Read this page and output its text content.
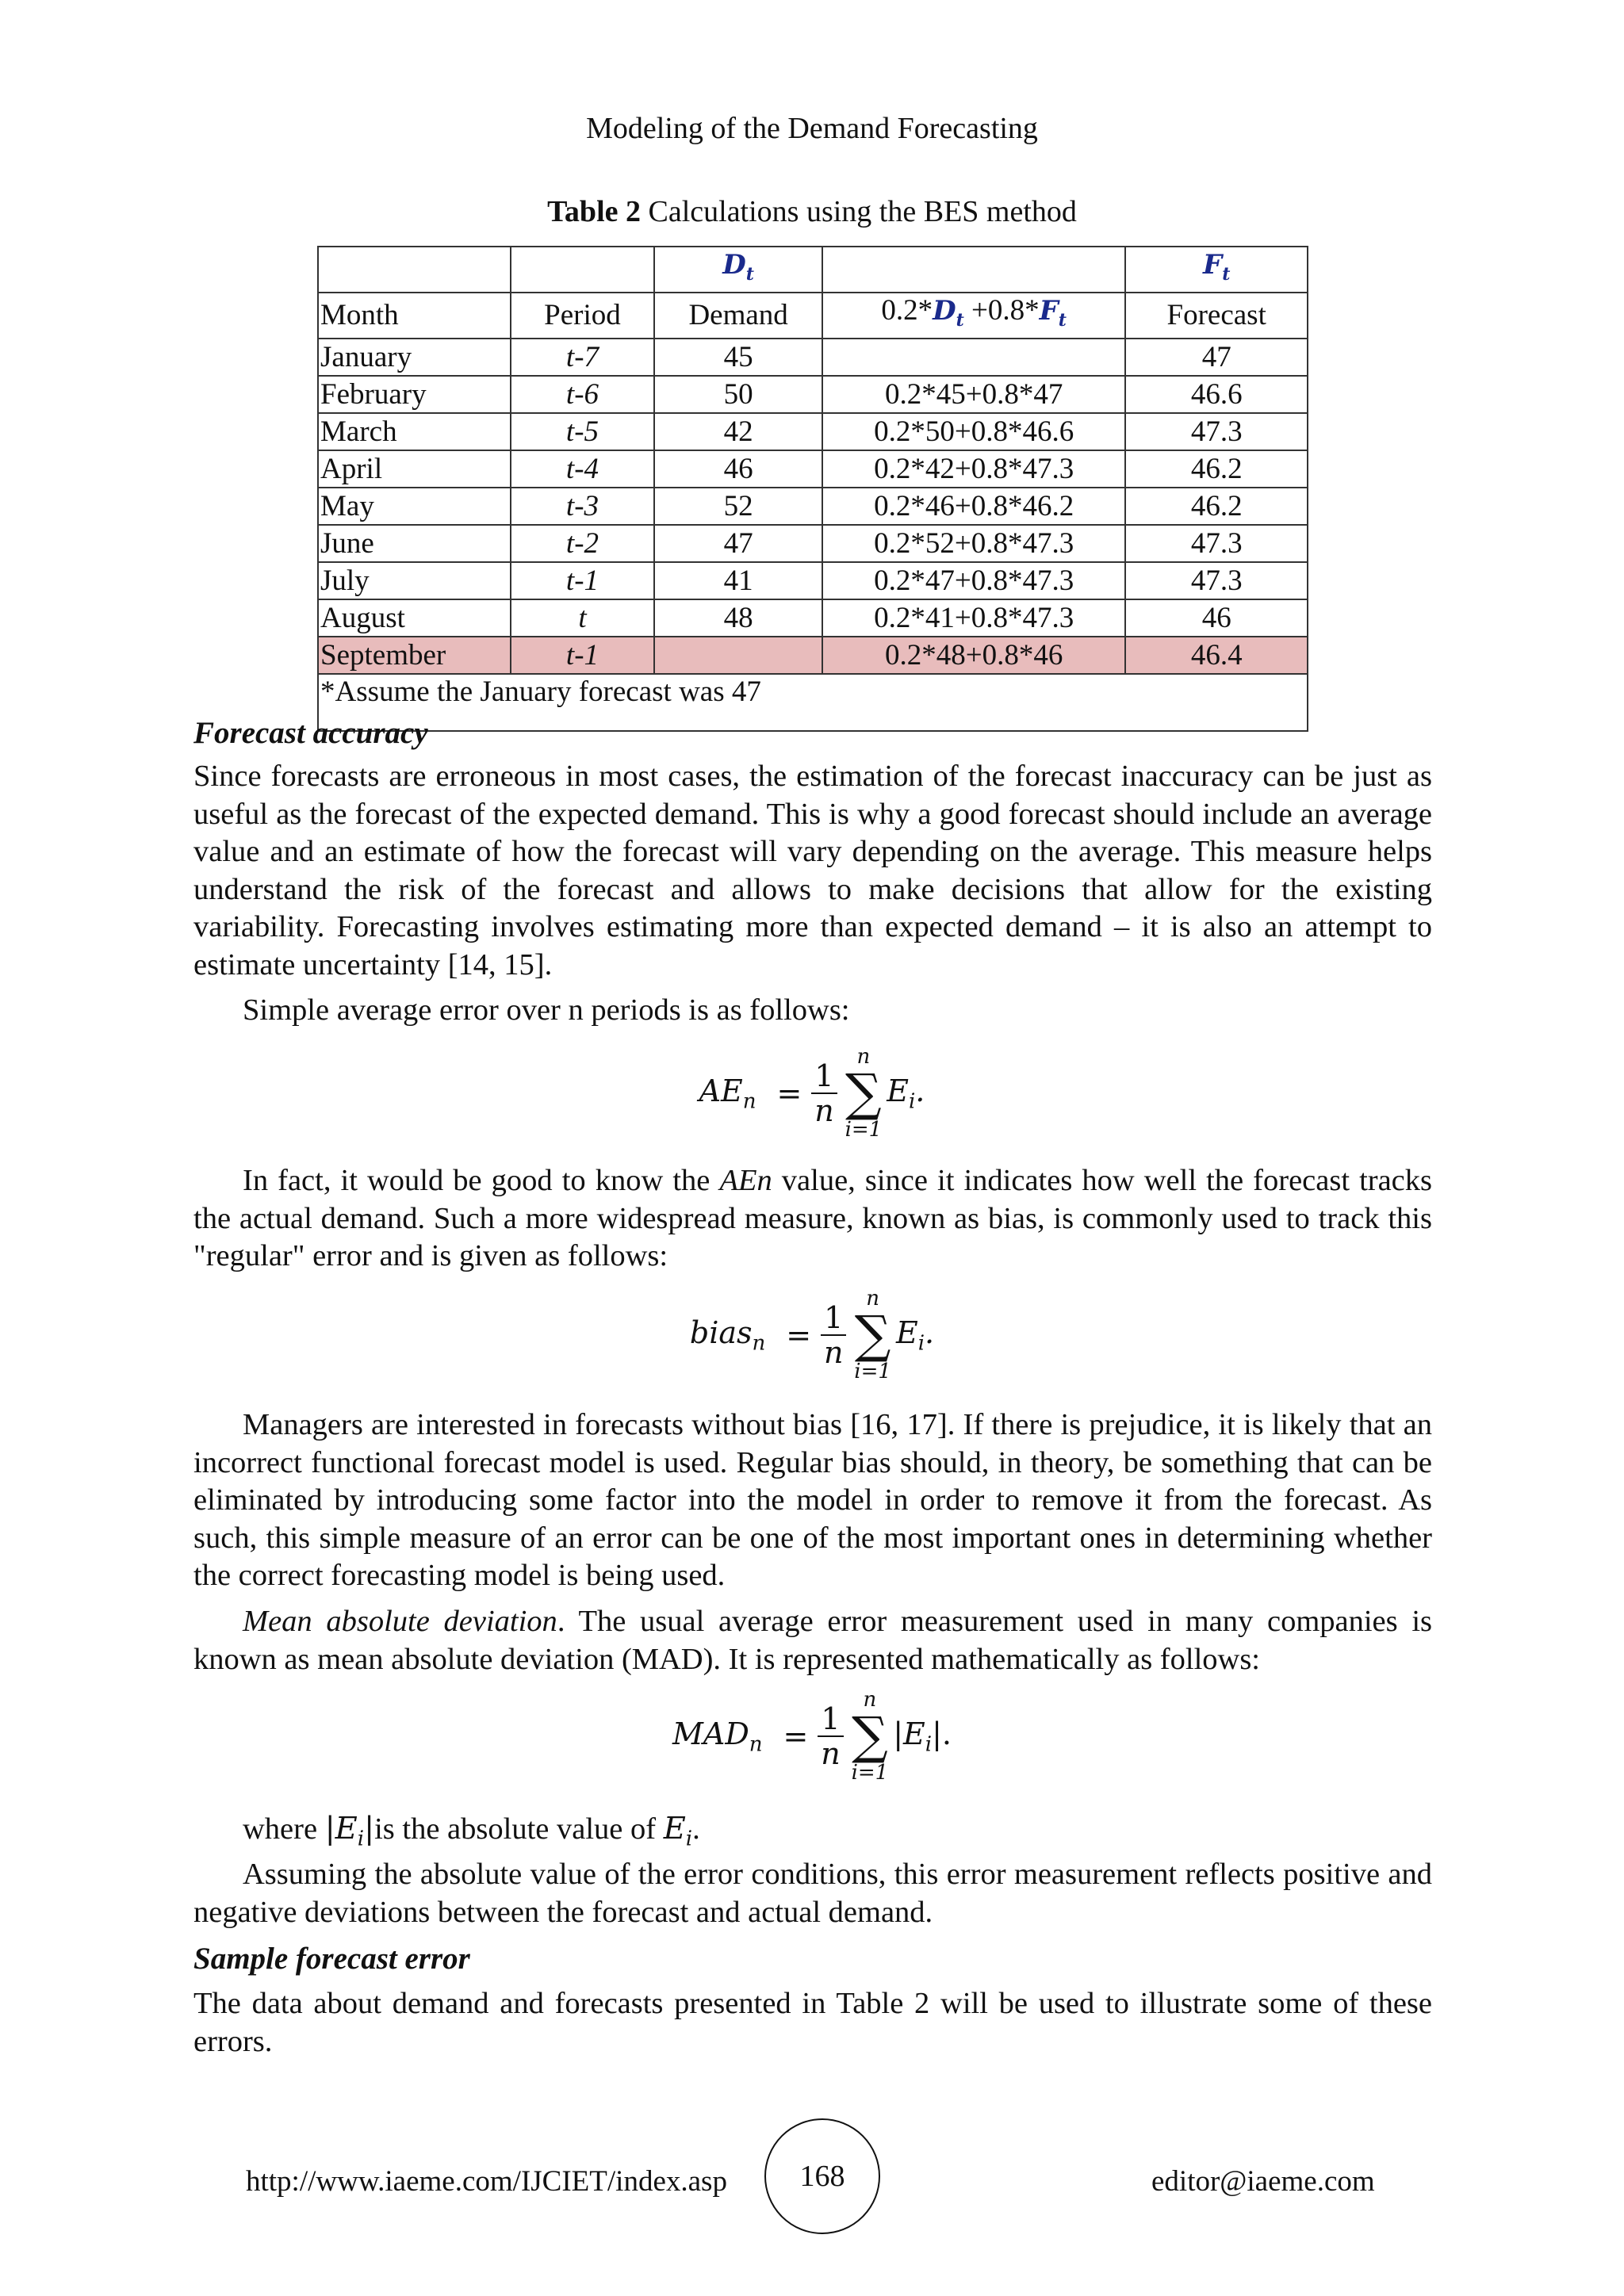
Modeling of the Demand Forecasting
Table 2 Calculations using the BES method
		$D_t$		$F_t$
Month	Period	Demand	$0.2*D_t +0.8*F_t$	Forecast
January	t-7	45		47
February	t-6	50	0.2*45+0.8*47	46.6
March	t-5	42	0.2*50+0.8*46.6	47.3
April	t-4	46	0.2*42+0.8*47.3	46.2
May	t-3	52	0.2*46+0.8*46.2	46.2
June	t-2	47	0.2*52+0.8*47.3	47.3
July	t-1	41	0.2*47+0.8*47.3	47.3
August	t	48	0.2*41+0.8*47.3	46
September	t-1		0.2*48+0.8*46	46.4
*Assume the January forecast was 47				
Forecast accuracy
Since forecasts are erroneous in most cases, the estimation of the forecast inaccuracy can be just as useful as the forecast of the expected demand. This is why a good forecast should include an average value and an estimate of how the forecast will vary depending on the average. This measure helps understand the risk of the forecast and allows to make decisions that allow for the existing variability. Forecasting involves estimating more than expected demand – it is also an attempt to estimate uncertainty [14, 15].
Simple average error over n periods is as follows:
$AE_n = \frac{1}{n}$
n
∑
i=1
$E_i$.
In fact, it would be good to know the AEn value, since it indicates how well the forecast tracks the actual demand. Such a more widespread measure, known as bias, is commonly used to track this "regular" error and is given as follows:
bias$_n$ = $\frac{1}{n}$
n
∑
i=1
$E_i$.
Managers are interested in forecasts without bias [16, 17]. If there is prejudice, it is likely that an incorrect functional forecast model is used. Regular bias should, in theory, be something that can be eliminated by introducing some factor into the model in order to remove it from the forecast. As such, this simple measure of an error can be one of the most important ones in determining whether the correct forecasting model is being used.
Mean absolute deviation. The usual average error measurement used in many companies is known as mean absolute deviation (MAD). It is represented mathematically as follows:
$MAD_n = \frac{1}{n}$
n
∑
i=1
$|E_i|$.
where $|E_i|is$ the absolute value of $E_i$.
Assuming the absolute value of the error conditions, this error measurement reflects positive and negative deviations between the forecast and actual demand.
Sample forecast error
The data about demand and forecasts presented in Table 2 will be used to illustrate some of these errors.
http://www.iaeme.com/IJCIET/index.asp	168	editor@iaeme.com
